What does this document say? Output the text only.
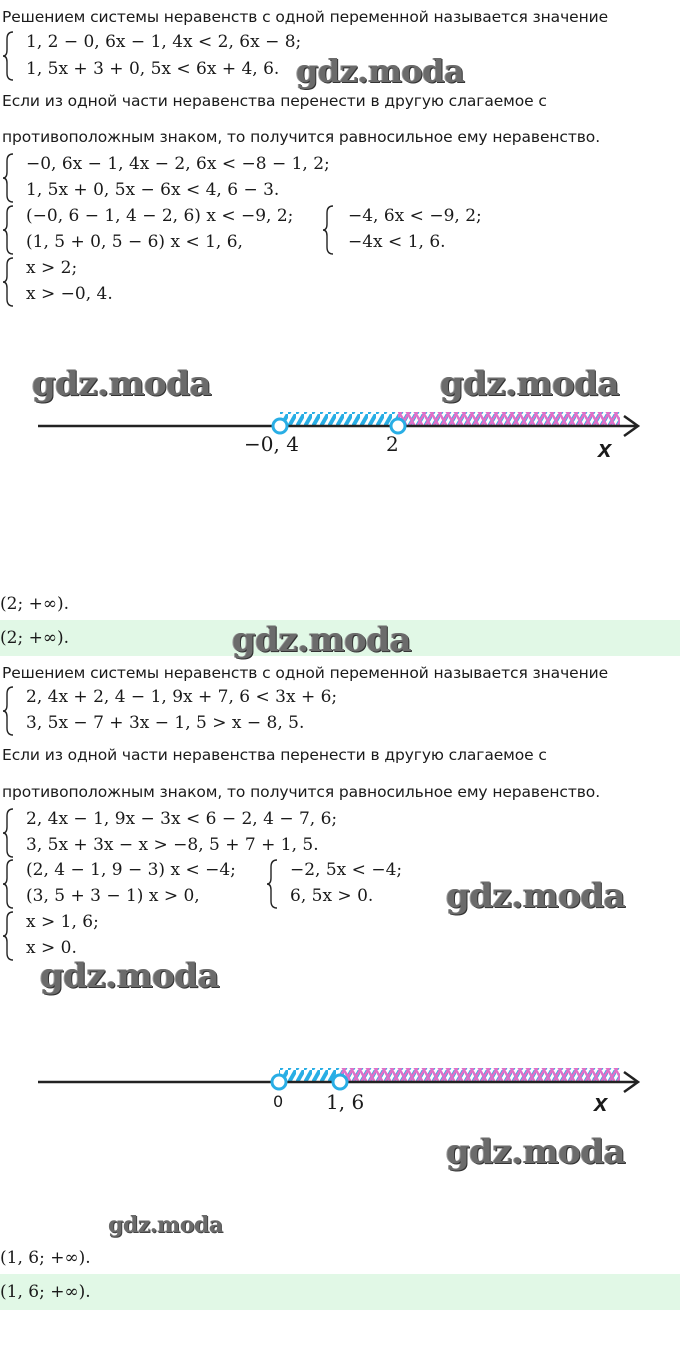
Решением системы неравенств с одной переменной называется значение
1, 2 − 0, 6x − 1, 4x < 2, 6x − 8;
1, 5x + 3 + 0, 5x < 6x + 4, 6.
Если из одной части неравенства перенести в другую слагаемое с
противоположным знаком, то получится равносильное ему неравенство.
−0, 6x − 1, 4x − 2, 6x < −8 − 1, 2;
1, 5x + 0, 5x − 6x < 4, 6 − 3.
(−0, 6 − 1, 4 − 2, 6) x < −9, 2;
(1, 5 + 0, 5 − 6) x < 1, 6,
−4, 6x < −9, 2;
−4x < 1, 6.
x > 2;
x > −0, 4.
−0, 4	2	x
(2; +∞).
(2; +∞).
Решением системы неравенств с одной переменной называется значение
2, 4x + 2, 4 − 1, 9x + 7, 6 < 3x + 6;
3, 5x − 7 + 3x − 1, 5 > x − 8, 5.
Если из одной части неравенства перенести в другую слагаемое с
противоположным знаком, то получится равносильное ему неравенство.
2, 4x − 1, 9x − 3x < 6 − 2, 4 − 7, 6;
3, 5x + 3x − x > −8, 5 + 7 + 1, 5.
(2, 4 − 1, 9 − 3) x < −4;
(3, 5 + 3 − 1) x > 0,
−2, 5x < −4;
6, 5x > 0.
x > 1, 6;
x > 0.
0 1, 6	x
(1, 6; +∞).
(1, 6; +∞).
gdz.moda
gdz.moda	gdz.moda
gdz.moda
gdz.moda
gdz.moda
gdz.moda
gdz.moda
